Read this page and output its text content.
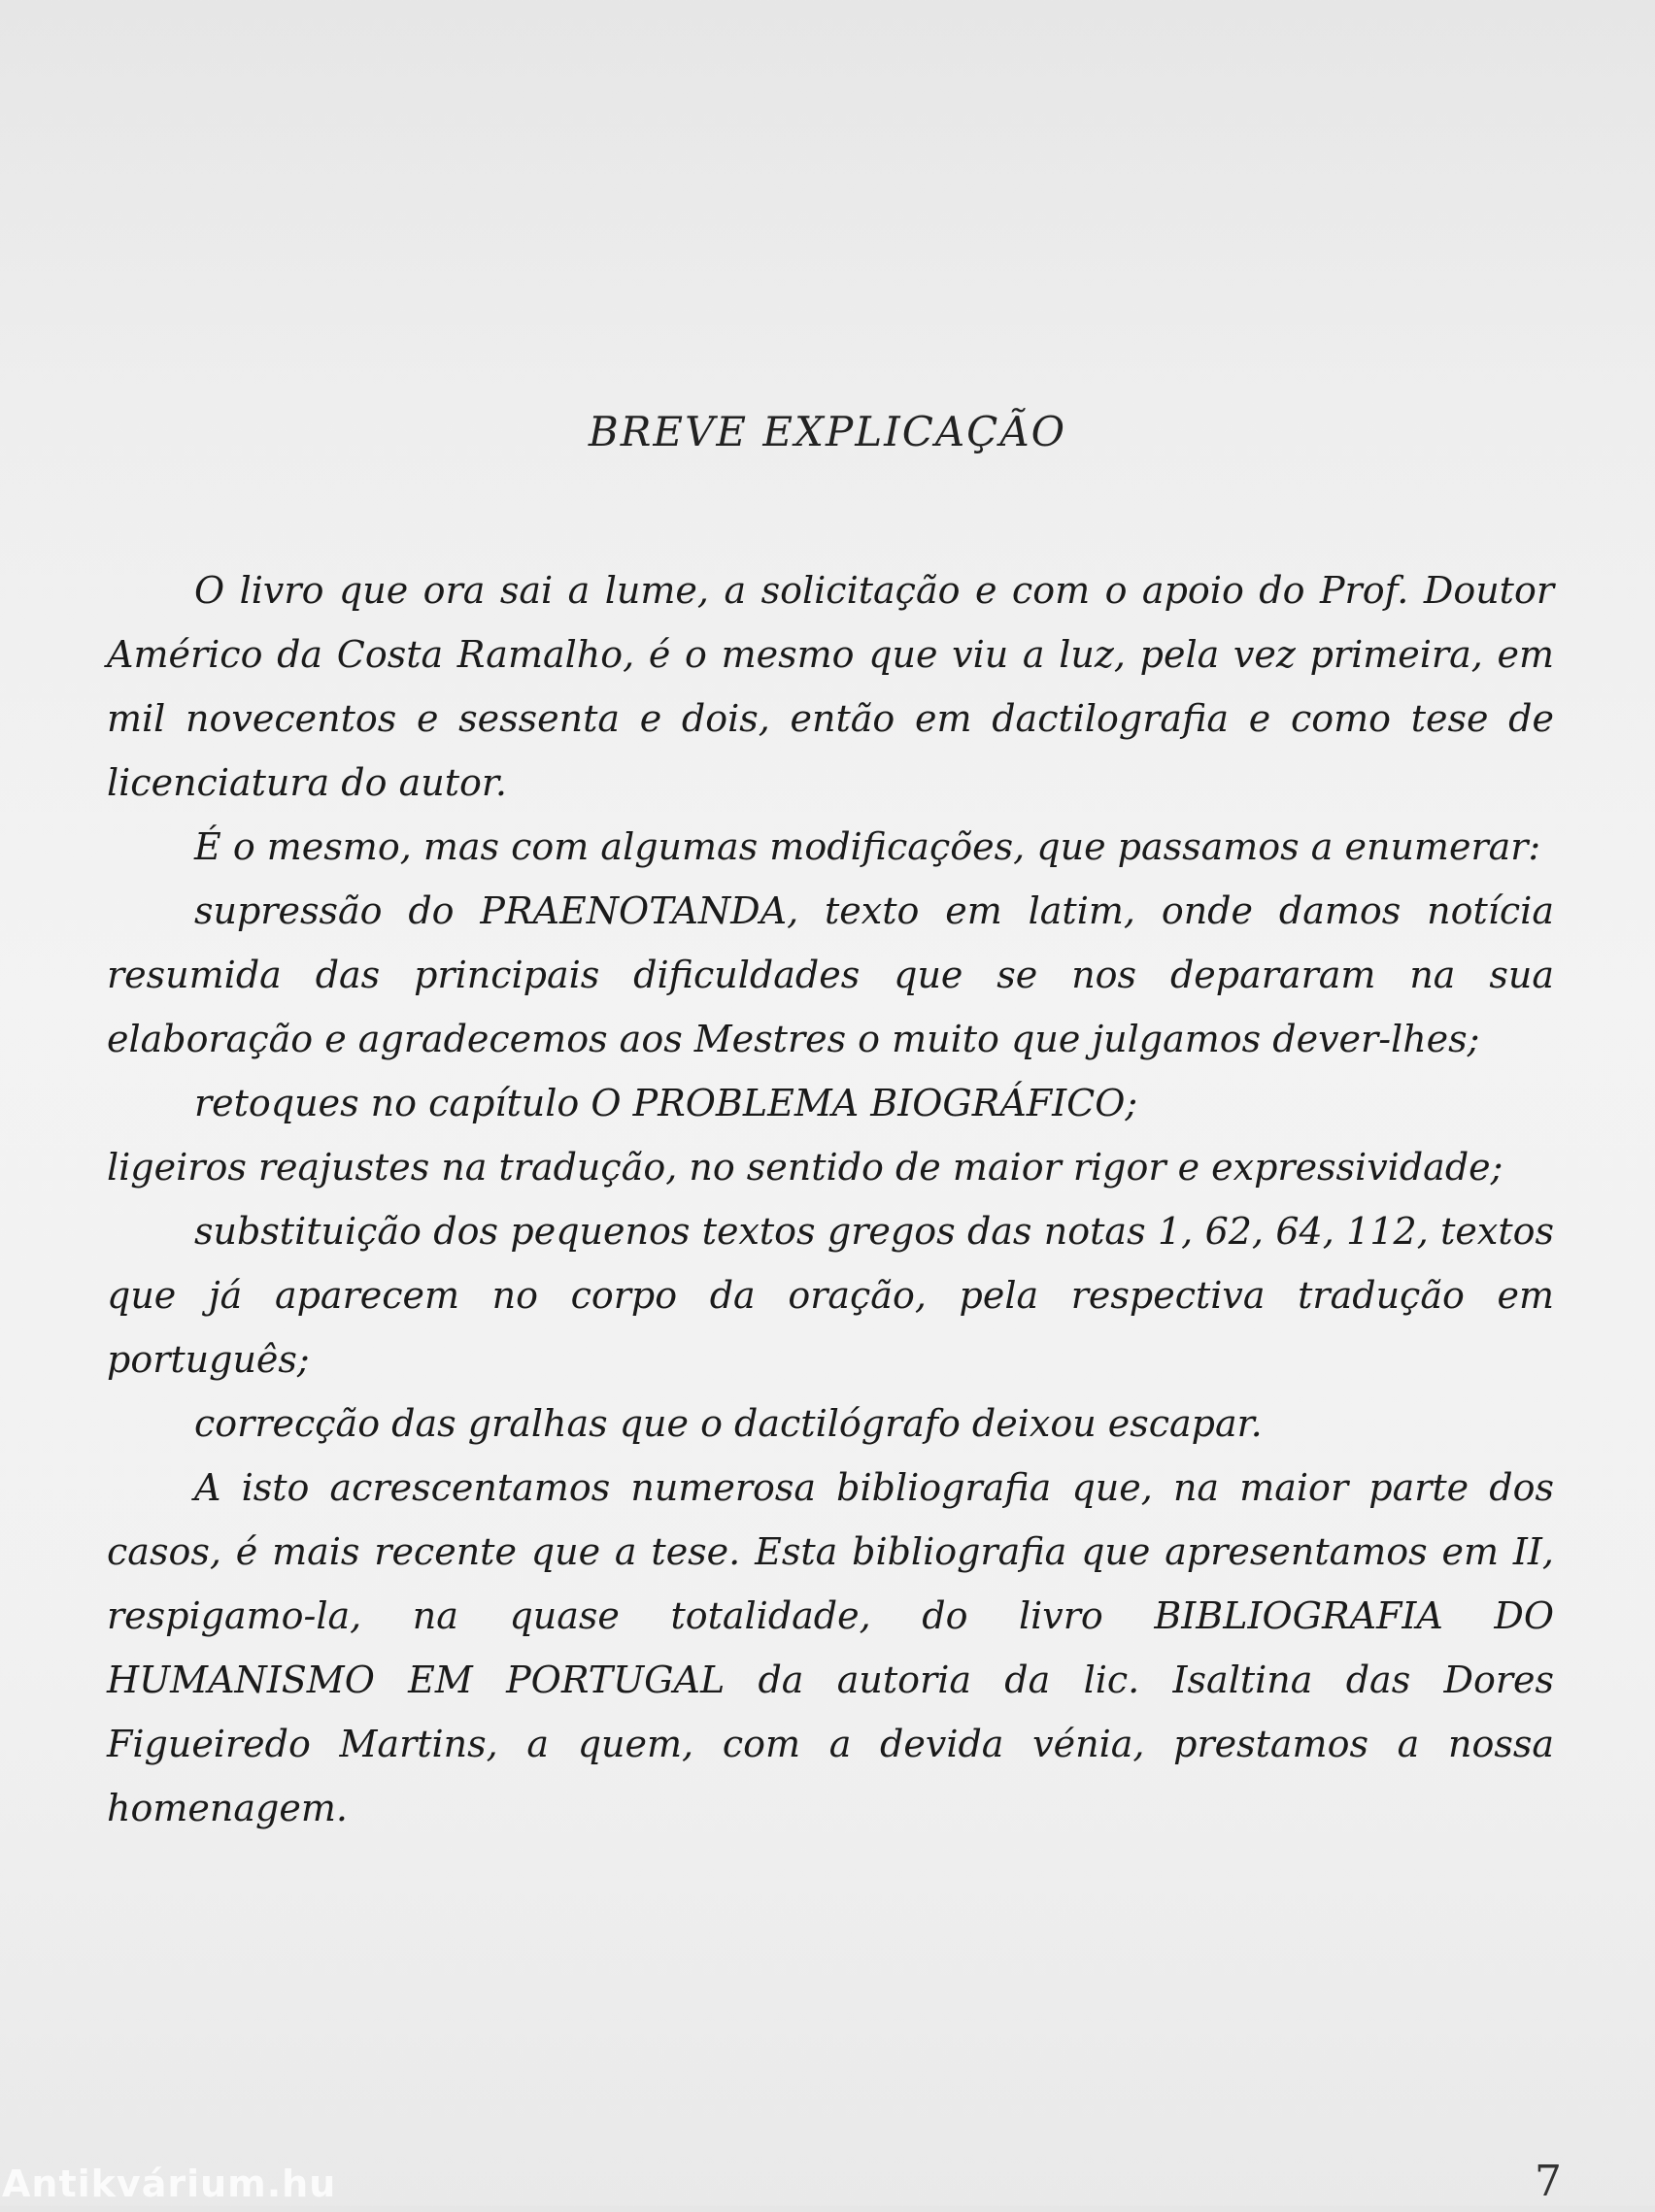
BREVE EXPLICAÇÃO

O livro que ora sai a lume, a solicitação e com o apoio do Prof. Doutor Américo da Costa Ramalho, é o mesmo que viu a luz, pela vez primeira, em mil novecentos e sessenta e dois, então em dactilografia e como tese de licenciatura do autor.

É o mesmo, mas com algumas modificações, que passamos a enumerar:

supressão do PRAENOTANDA, texto em latim, onde damos notícia resumida das principais dificuldades que se nos depararam na sua elaboração e agradecemos aos Mestres o muito que julgamos dever-lhes;

retoques no capítulo O PROBLEMA BIOGRÁFICO;

ligeiros reajustes na tradução, no sentido de maior rigor e expressividade;

substituição dos pequenos textos gregos das notas 1, 62, 64, 112, textos que já aparecem no corpo da oração, pela respectiva tradução em português;

correcção das gralhas que o dactilógrafo deixou escapar.

A isto acrescentamos numerosa bibliografia que, na maior parte dos casos, é mais recente que a tese. Esta bibliografia que apresentamos em II, respigamo-la, na quase totalidade, do livro BIBLIOGRAFIA DO HUMANISMO EM PORTUGAL da autoria da lic. Isaltina das Dores Figueiredo Martins, a quem, com a devida vénia, prestamos a nossa homenagem.

7
Antikvárium.hu
